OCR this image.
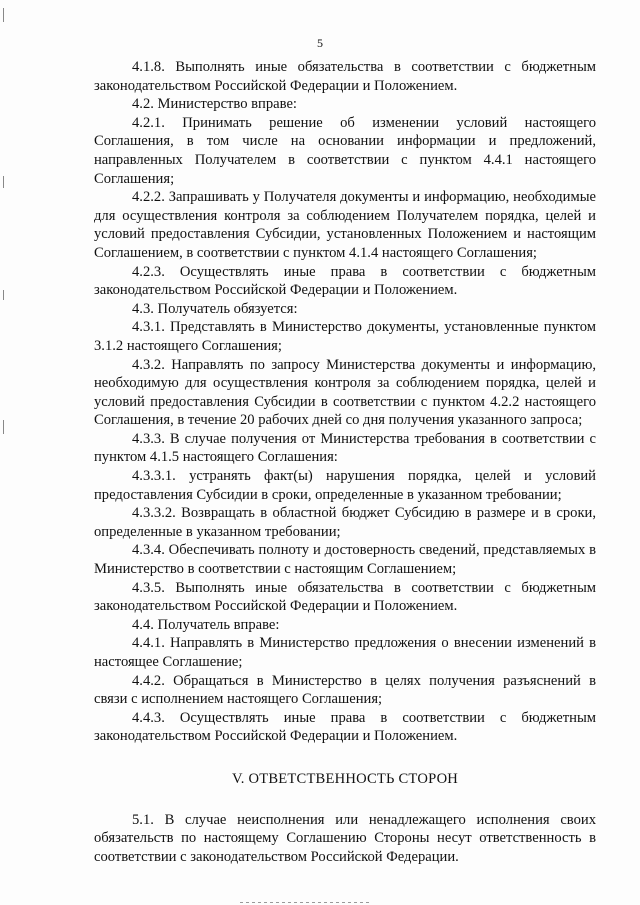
5

4.1.8. Выполнять иные обязательства в соответствии с бюджетным законодательством Российской Федерации и Положением.

4.2. Министерство вправе:

4.2.1. Принимать решение об изменении условий настоящего Соглашения, в том числе на основании информации и предложений, направленных Получателем в соответствии с пунктом 4.4.1 настоящего Соглашения;

4.2.2. Запрашивать у Получателя документы и информацию, необходимые для осуществления контроля за соблюдением Получателем порядка, целей и условий предоставления Субсидии, установленных Положением и настоящим Соглашением, в соответствии с пунктом 4.1.4 настоящего Соглашения;

4.2.3. Осуществлять иные права в соответствии с бюджетным законодательством Российской Федерации и Положением.

4.3. Получатель обязуется:

4.3.1. Представлять в Министерство документы, установленные пунктом 3.1.2 настоящего Соглашения;

4.3.2. Направлять по запросу Министерства документы и информацию, необходимую для осуществления контроля за соблюдением порядка, целей и условий предоставления Субсидии в соответствии с пунктом 4.2.2 настоящего Соглашения, в течение 20 рабочих дней со дня получения указанного запроса;

4.3.3. В случае получения от Министерства требования в соответствии с пунктом 4.1.5 настоящего Соглашения:

4.3.3.1. устранять факт(ы) нарушения порядка, целей и условий предоставления Субсидии в сроки, определенные в указанном требовании;

4.3.3.2. Возвращать в областной бюджет Субсидию в размере и в сроки, определенные в указанном требовании;

4.3.4. Обеспечивать полноту и достоверность сведений, представляемых в Министерство в соответствии с настоящим Соглашением;

4.3.5. Выполнять иные обязательства в соответствии с бюджетным законодательством Российской Федерации и Положением.

4.4. Получатель вправе:

4.4.1. Направлять в Министерство предложения о внесении изменений в настоящее Соглашение;

4.4.2. Обращаться в Министерство в целях получения разъяснений в связи с исполнением настоящего Соглашения;

4.4.3. Осуществлять иные права в соответствии с бюджетным законодательством Российской Федерации и Положением.

V. ОТВЕТСТВЕННОСТЬ СТОРОН

5.1. В случае неисполнения или ненадлежащего исполнения своих обязательств по настоящему Соглашению Стороны несут ответственность в соответствии с законодательством Российской Федерации.
